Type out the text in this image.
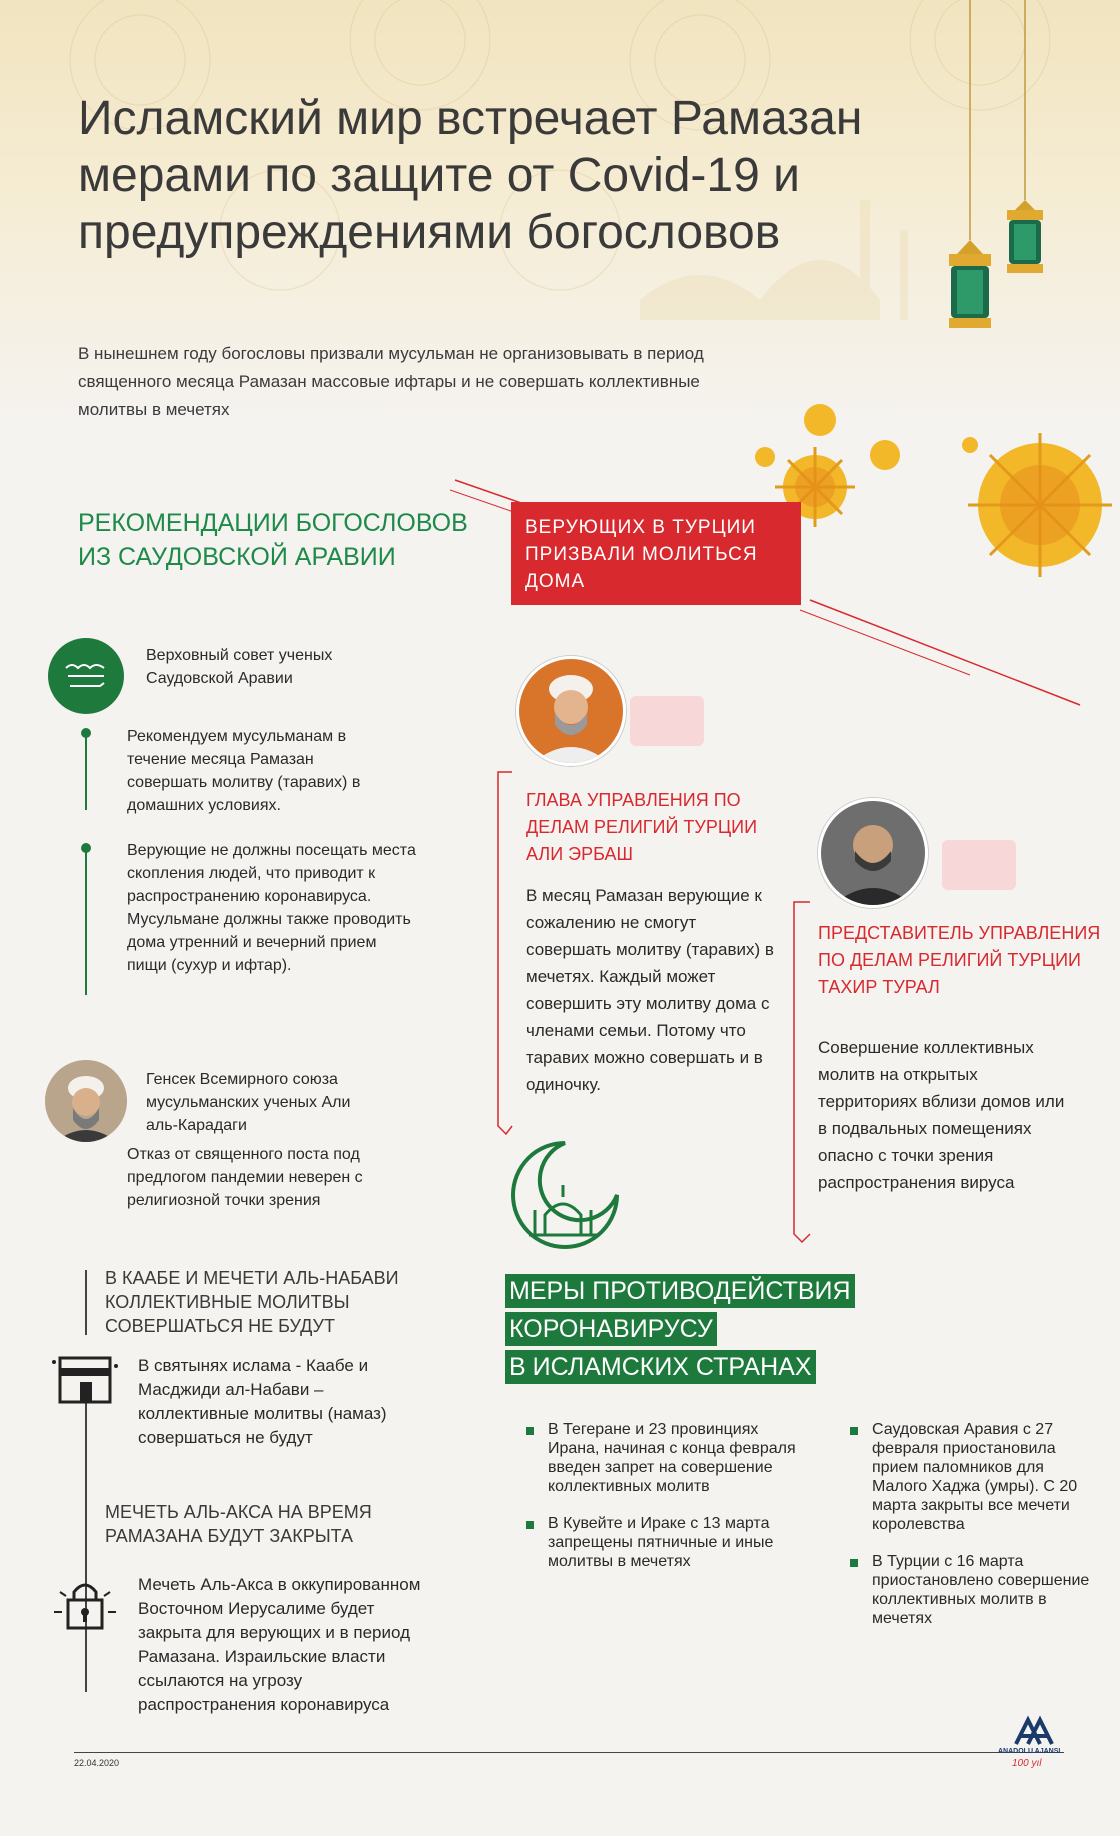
Исламский мир встречает Рамазан мерами по защите от Covid-19 и предупреждениями богословов

В нынешнем году богословы призвали мусульман не организовывать в период священного месяца Рамазан массовые ифтары и не совершать коллективные молитвы в мечетях

РЕКОМЕНДАЦИИ БОГОСЛОВОВ

ИЗ САУДОВСКОЙ АРАВИИ

ВЕРУЮЩИХ В ТУРЦИИ ПРИЗВАЛИ МОЛИТЬСЯ ДОМА

Верховный совет ученых Саудовской Аравии

Рекомендуем мусульманам в течение месяца Рамазан совершать молитву (таравих) в домашних условиях.

Верующие не должны посещать места скопления людей, что приводит к распространению коронавируса. Мусульмане должны также проводить дома утренний и вечерний прием пищи (сухур и ифтар).

Генсек Всемирного союза мусульманских ученых Али аль-Карадаги

Отказ от священного поста под предлогом пандемии неверен с религиозной точки зрения

В КААБЕ И МЕЧЕТИ АЛЬ-НАБАВИ КОЛЛЕКТИВНЫЕ МОЛИТВЫ СОВЕРШАТЬСЯ НЕ БУДУТ

В святынях ислама - Каабе и Масджиди ал-Набави – коллективные молитвы (намаз) совершаться не будут

МЕЧЕТЬ АЛЬ-АКСА НА ВРЕМЯ РАМАЗАНА БУДУТ ЗАКРЫТА

Мечеть Аль-Акса в оккупированном Восточном Иерусалиме будет закрыта для верующих и в период Рамазана. Израильские власти ссылаются на угрозу распространения коронавируса

ГЛАВА УПРАВЛЕНИЯ ПО ДЕЛАМ РЕЛИГИЙ ТУРЦИИ АЛИ ЭРБАШ

В месяц Рамазан верующие к сожалению не смогут совершать молитву (таравих) в мечетях. Каждый может совершить эту молитву дома с членами семьи. Потому что таравих можно совершать и в одиночку.

ПРЕДСТАВИТЕЛЬ УПРАВЛЕНИЯ ПО ДЕЛАМ РЕЛИГИЙ ТУРЦИИ ТАХИР ТУРАЛ

Совершение коллективных молитв на открытых территориях вблизи домов или в подвальных помещениях опасно с точки зрения распространения вируса

МЕРЫ ПРОТИВОДЕЙСТВИЯ
КОРОНАВИРУСУ
В ИСЛАМСКИХ СТРАНАХ

В Тегеране и 23 провинциях Ирана, начиная с конца февраля введен запрет на совершение коллективных молитв

В Кувейте и Ираке с 13 марта запрещены пятничные и иные молитвы в мечетях

Саудовская Аравия с 27 февраля приостановила прием паломников для Малого Хаджа (умры). С 20 марта закрыты все мечети королевства

В Турции с 16 марта приостановлено совершение коллективных молитв в мечетях

22.04.2020

ANADOLU AJANSI

100 yıl
